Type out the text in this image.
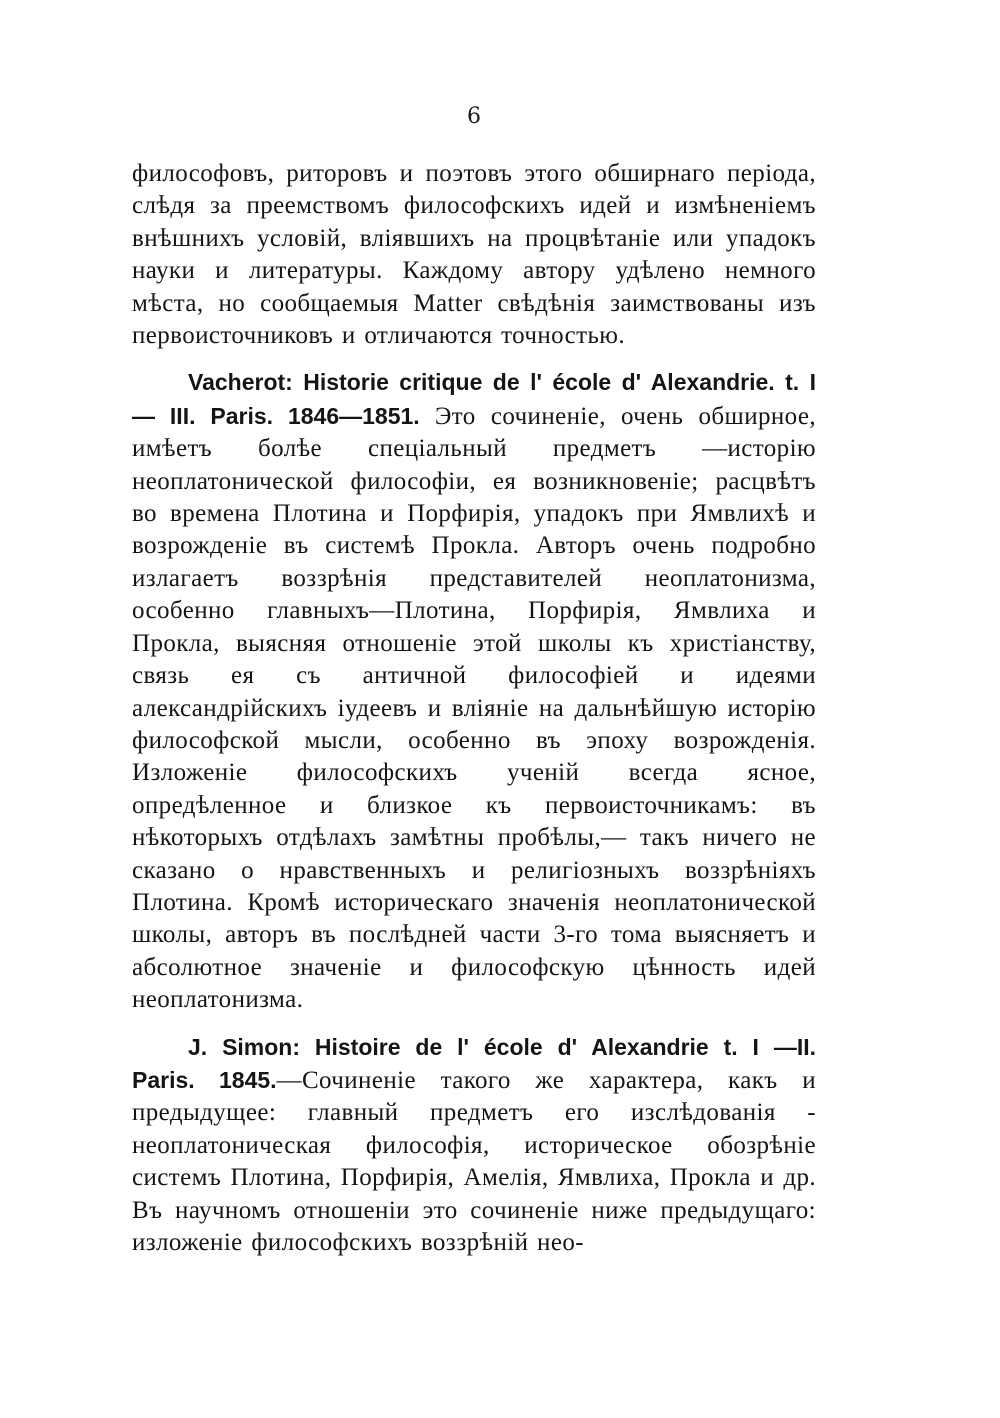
6

философовъ, риторовъ и поэтовъ этого обширнаго періода, слѣдя за преемствомъ философскихъ идей и измѣненіемъ внѣшнихъ условій, вліявшихъ на процвѣтаніе или упадокъ науки и литературы. Каждому автору удѣлено немного мѣста, но сообщаемыя Matter свѣдѣнія заимствованы изъ первоисточниковъ и отличаются точностью.

Vacherot: Historie critique de l' école d' Alexandrie. t. I — III. Paris. 1846—1851. Это сочиненіе, очень обширное, имѣетъ болѣе спеціальный предметъ —исторію неоплатонической философіи, ея возникновеніе; расцвѣтъ во времена Плотина и Порфирія, упадокъ при Ямвлихѣ и возрожденіе въ системѣ Прокла. Авторъ очень подробно излагаетъ воззрѣнія представителей неоплатонизма, особенно главныхъ—Плотина, Порфирія, Ямвлиха и Прокла, выясняя отношеніе этой школы къ христіанству, связь ея съ античной философіей и идеями александрійскихъ іудеевъ и вліяніе на дальнѣйшую исторію философской мысли, особенно въ эпоху возрожденія. Изложеніе философскихъ ученій всегда ясное, опредѣленное и близкое къ первоисточникамъ: въ нѣкоторыхъ отдѣлахъ замѣтны пробѣлы,— такъ ничего не сказано о нравственныхъ и религіозныхъ воззрѣніяхъ Плотина. Кромѣ историческаго значенія неоплатонической школы, авторъ въ послѣдней части 3-го тома выясняетъ и абсолютное значеніе и философскую цѣнность идей неоплатонизма.

J. Simon: Histoire de l' école d' Alexandrie t. I —II. Paris. 1845.—Сочиненіе такого же характера, какъ и предыдущее: главный предметъ его изслѣдованія - неоплатоническая философія, историческое обозрѣніе системъ Плотина, Порфирія, Амелія, Ямвлиха, Прокла и др. Въ научномъ отношеніи это сочиненіе ниже предыдущаго: изложеніе философскихъ воззрѣній нео-
